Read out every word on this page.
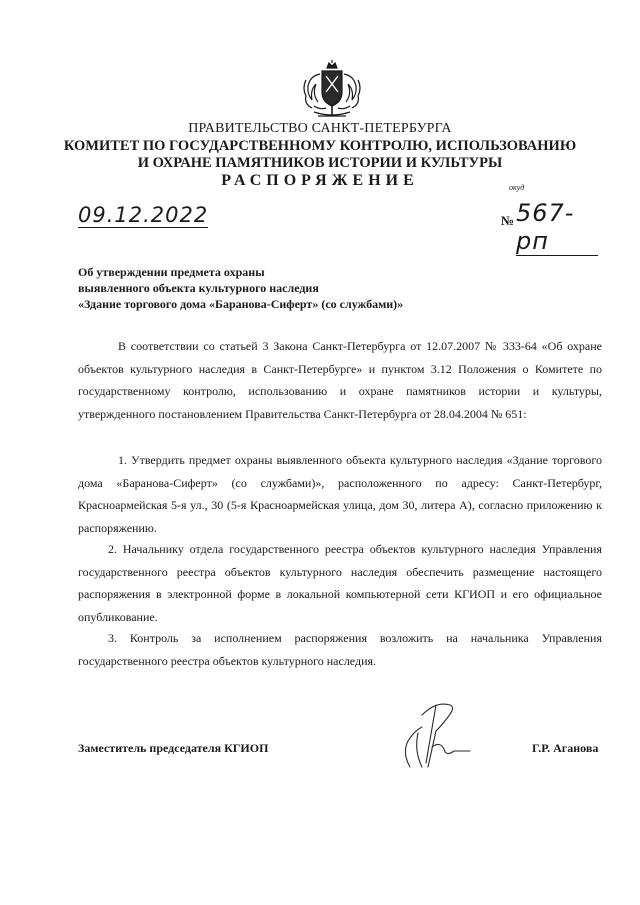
ПРАВИТЕЛЬСТВО САНКТ-ПЕТЕРБУРГА
КОМИТЕТ ПО ГОСУДАРСТВЕННОМУ КОНТРОЛЮ, ИСПОЛЬЗОВАНИЮ
И ОХРАНЕ ПАМЯТНИКОВ ИСТОРИИ И КУЛЬТУРЫ
РАСПОРЯЖЕНИЕ	окуд
09.12.2022	№ 567-рп
Об утверждении предмета охраны
выявленного объекта культурного наследия
«Здание торгового дома «Баранова-Сиферт» (со службами)»
В соответствии со статьей 3 Закона Санкт-Петербурга от 12.07.2007 № 333-64 «Об охране объектов культурного наследия в Санкт-Петербурге» и пунктом 3.12 Положения о Комитете по государственному контролю, использованию и охране памятников истории и культуры, утвержденного постановлением Правительства Санкт-Петербурга от 28.04.2004 № 651:
1. Утвердить предмет охраны выявленного объекта культурного наследия «Здание торгового дома «Баранова-Сиферт» (со службами)», расположенного по адресу: Санкт-Петербург, Красноармейская 5-я ул., 30 (5-я Красноармейская улица, дом 30, литера А), согласно приложению к распоряжению.
2. Начальнику отдела государственного реестра объектов культурного наследия Управления государственного реестра объектов культурного наследия обеспечить размещение настоящего распоряжения в электронной форме в локальной компьютерной сети КГИОП и его официальное опубликование.
3. Контроль за исполнением распоряжения возложить на начальника Управления государственного реестра объектов культурного наследия.
Заместитель председателя КГИОП	Г.Р. Аганова
